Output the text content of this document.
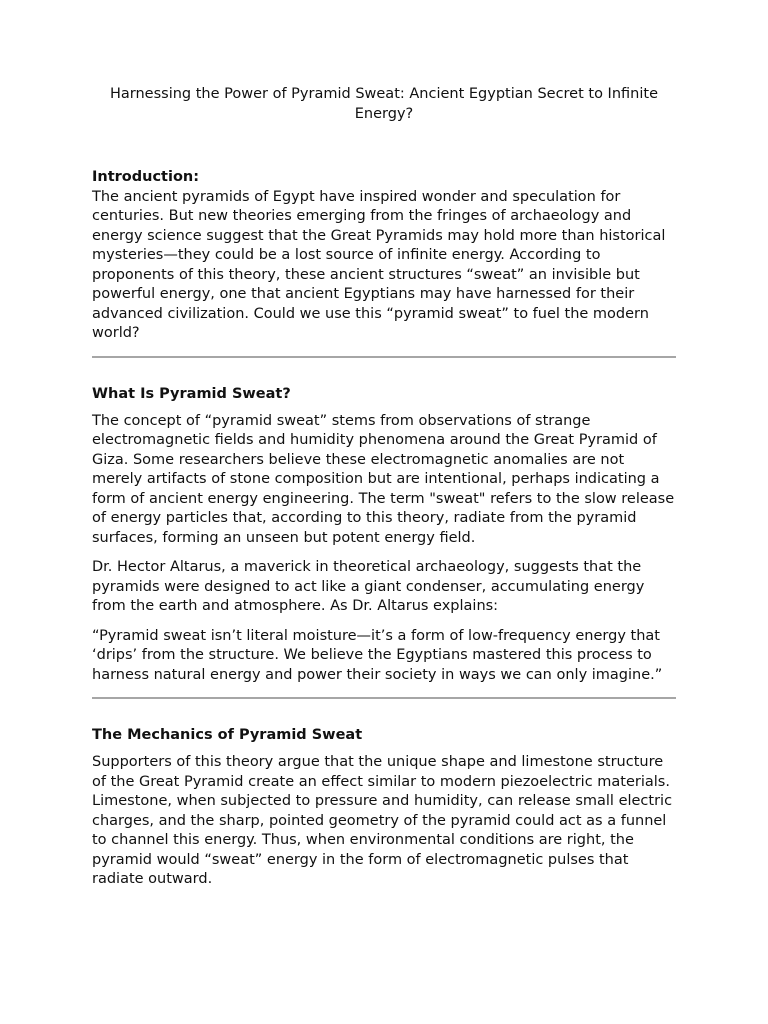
Harnessing the Power of Pyramid Sweat: Ancient Egyptian Secret to Infinite Energy?

Introduction:

The ancient pyramids of Egypt have inspired wonder and speculation for centuries. But new theories emerging from the fringes of archaeology and energy science suggest that the Great Pyramids may hold more than historical mysteries—they could be a lost source of infinite energy. According to proponents of this theory, these ancient structures “sweat” an invisible but powerful energy, one that ancient Egyptians may have harnessed for their advanced civilization. Could we use this “pyramid sweat” to fuel the modern world?

What Is Pyramid Sweat?

The concept of “pyramid sweat” stems from observations of strange electromagnetic fields and humidity phenomena around the Great Pyramid of Giza. Some researchers believe these electromagnetic anomalies are not merely artifacts of stone composition but are intentional, perhaps indicating a form of ancient energy engineering. The term "sweat" refers to the slow release of energy particles that, according to this theory, radiate from the pyramid surfaces, forming an unseen but potent energy field.

Dr. Hector Altarus, a maverick in theoretical archaeology, suggests that the pyramids were designed to act like a giant condenser, accumulating energy from the earth and atmosphere. As Dr. Altarus explains:

“Pyramid sweat isn’t literal moisture—it’s a form of low-frequency energy that ‘drips’ from the structure. We believe the Egyptians mastered this process to harness natural energy and power their society in ways we can only imagine.”

The Mechanics of Pyramid Sweat

Supporters of this theory argue that the unique shape and limestone structure of the Great Pyramid create an effect similar to modern piezoelectric materials. Limestone, when subjected to pressure and humidity, can release small electric charges, and the sharp, pointed geometry of the pyramid could act as a funnel to channel this energy. Thus, when environmental conditions are right, the pyramid would “sweat” energy in the form of electromagnetic pulses that radiate outward.
